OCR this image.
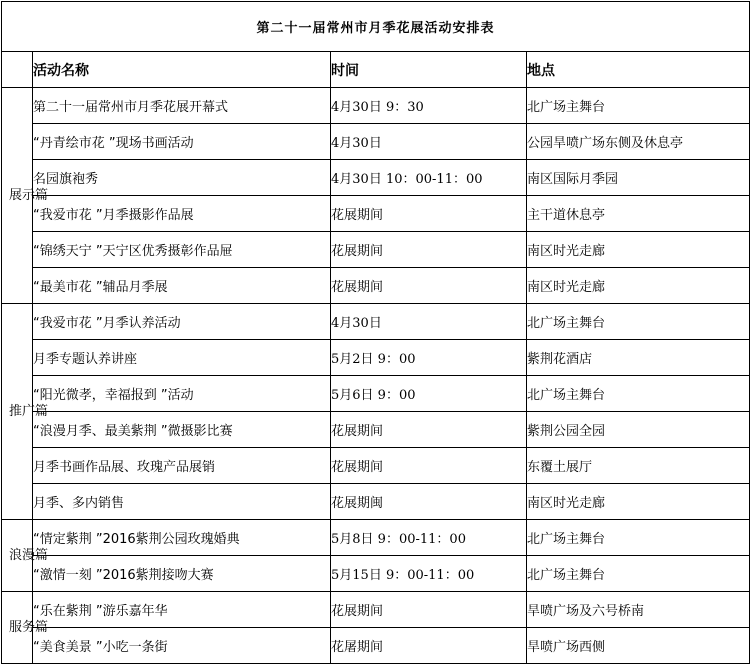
第二十一届常州市月季花展活动安排表			
	活动名称	时间	地点
展示篇	第二十一届常州市月季花展开幕式	4月30日 9：30	北广场主舞台
	“丹青绘市花 ”现场书画活动	4月30日	公园旱喷广场东侧及休息亭
	名园旗袍秀	4月30日 10：00-11：00	南区国际月季园
	“我爱市花 ”月季摄影作品展	花展期间	主干道休息亭
	“锦绣天宁 ”天宁区优秀摄彰作品屉	花展期间	南区时光走廊
	“最美市花 ”辅品月季展	花展期间	南区时光走廊
推广篇	“我爱市花 ”月季认养活动	4月30日	北广场主舞台
	月季专题认养讲座	5月2日 9：00	紫荆花酒店
	“阳光微孝，幸福报到 ”活动	5月6日 9：00	北广场主舞台
	“浪漫月季、最美紫荆 ”微摄影比赛	花展期间	紫荆公园全园
	月季书画作品展、玫瑰产品展销	花展期间	东覆土展厅
	月季、多内销售	花展期闽	南区时光走廊
浪漫篇	“情定紫荆 ”2016紫荆公园玫瑰婚典	5月8日 9：00-11：00	北广场主舞台
	“激情一刻 ”2016紫荆接吻大赛	5月15日 9：00-11：00	北广场主舞台
服务篇	“乐在紫荆 ”游乐嘉年华	花展期间	旱喷广场及六号桥南
	“美食美景 ”小吃一条街	花屠期间	旱喷广场西侧
